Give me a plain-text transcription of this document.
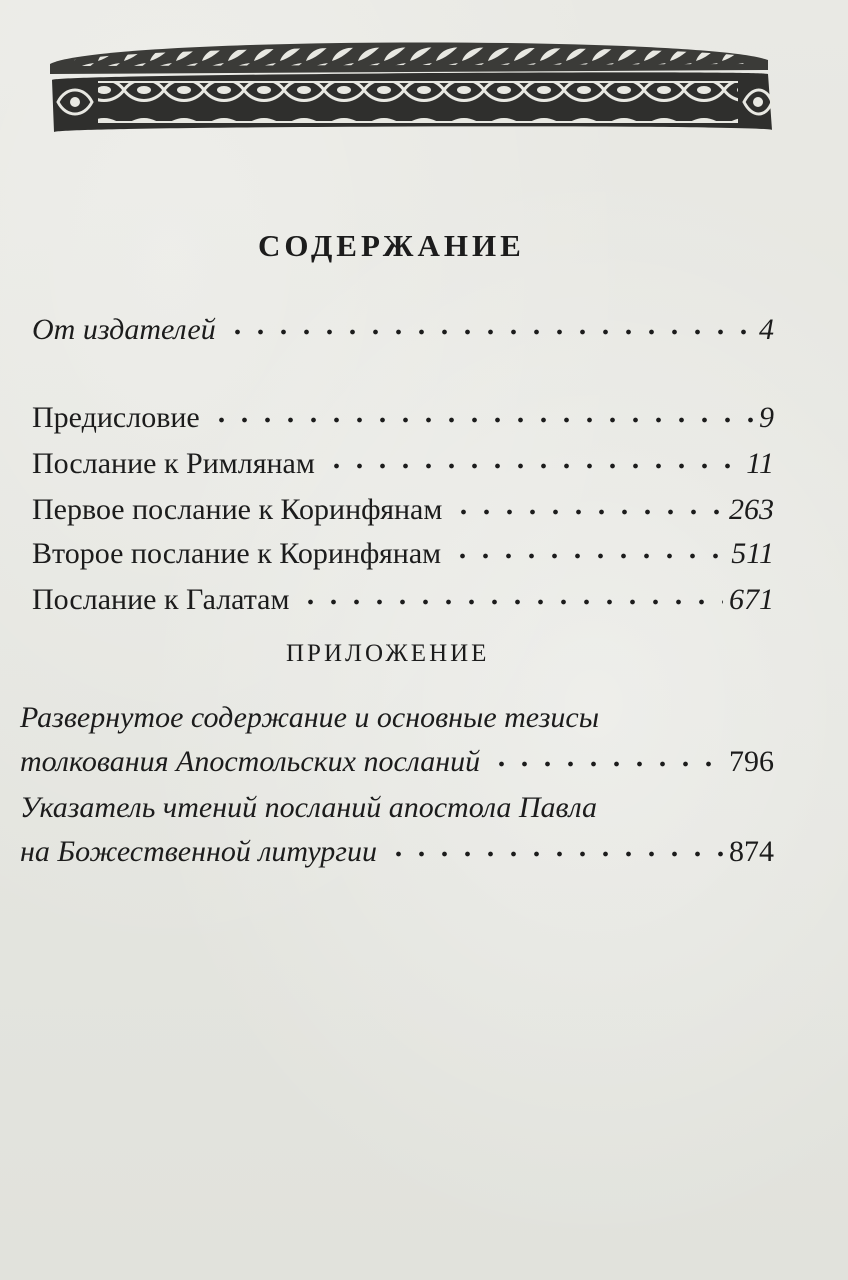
СОДЕРЖАНИЕ
От издателей	4
Предисловие	9
Послание к Римлянам	11
Первое послание к Коринфянам	263
Второе послание к Коринфянам	511
Послание к Галатам	671
ПРИЛОЖЕНИЕ
Развернутое содержание и основные тезисы
толкования Апостольских посланий	796
Указатель чтений посланий апостола Павла
на Божественной литургии	874
